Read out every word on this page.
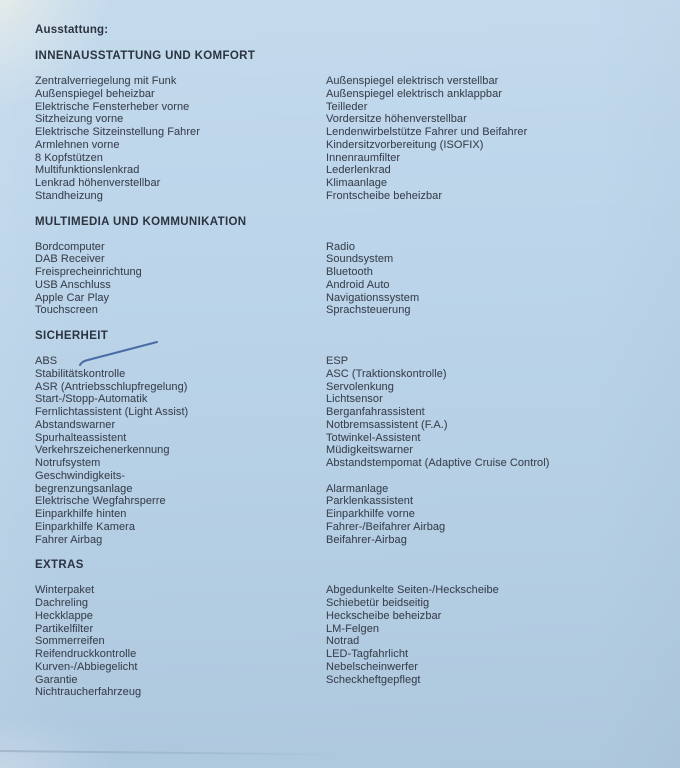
Ausstattung:
INNENAUSSTATTUNG UND KOMFORT
Zentralverriegelung mit Funk
Außenspiegel beheizbar
Elektrische Fensterheber vorne
Sitzheizung vorne
Elektrische Sitzeinstellung Fahrer
Armlehnen vorne
8 Kopfstützen
Multifunktionslenkrad
Lenkrad höhenverstellbar
Standheizung
Außenspiegel elektrisch verstellbar
Außenspiegel elektrisch anklappbar
Teilleder
Vordersitze höhenverstellbar
Lendenwirbelstütze Fahrer und Beifahrer
Kindersitzvorbereitung (ISOFIX)
Innenraumfilter
Lederlenkrad
Klimaanlage
Frontscheibe beheizbar
MULTIMEDIA UND KOMMUNIKATION
Bordcomputer
DAB Receiver
Freisprecheinrichtung
USB Anschluss
Apple Car Play
Touchscreen
Radio
Soundsystem
Bluetooth
Android Auto
Navigationssystem
Sprachsteuerung
SICHERHEIT
ABS
Stabilitätskontrolle
ASR (Antriebsschlupfregelung)
Start-/Stopp-Automatik
Fernlichtassistent (Light Assist)
Abstandswarner
Spurhalteassistent
Verkehrszeichenerkennung
Notrufsystem
Geschwindigkeits-
begrenzungsanlage
Elektrische Wegfahrsperre
Einparkhilfe hinten
Einparkhilfe Kamera
Fahrer Airbag
ESP
ASC (Traktionskontrolle)
Servolenkung
Lichtsensor
Berganfahrassistent
Notbremsassistent (F.A.)
Totwinkel-Assistent
Müdigkeitswarner
Abstandstempomat (Adaptive Cruise Control)
Alarmanlage
Parklenkassistent
Einparkhilfe vorne
Fahrer-/Beifahrer Airbag
Beifahrer-Airbag
EXTRAS
Winterpaket
Dachreling
Heckklappe
Partikelfilter
Sommerreifen
Reifendruckkontrolle
Kurven-/Abbiegelicht
Garantie
Nichtraucherfahrzeug
Abgedunkelte Seiten-/Heckscheibe
Schiebetür beidseitig
Heckscheibe beheizbar
LM-Felgen
Notrad
LED-Tagfahrlicht
Nebelscheinwerfer
Scheckheftgepflegt
